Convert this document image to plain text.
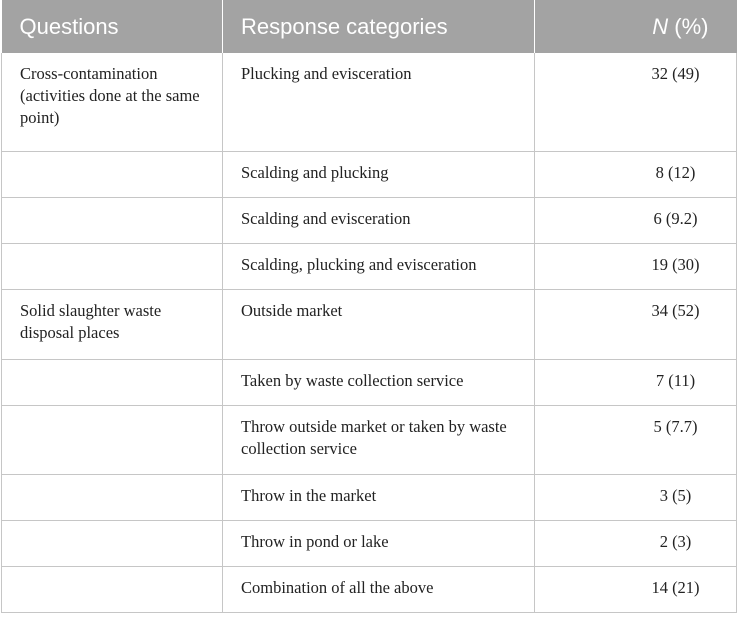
Questions	Response categories	N (%)
Cross-contamination (activities done at the same point)	Plucking and evisceration	32 (49)
	Scalding and plucking	8 (12)
	Scalding and evisceration	6 (9.2)
	Scalding, plucking and evisceration	19 (30)
Solid slaughter waste disposal places	Outside market	34 (52)
	Taken by waste collection service	7 (11)
	Throw outside market or taken by waste collection service	5 (7.7)
	Throw in the market	3 (5)
	Throw in pond or lake	2 (3)
	Combination of all the above	14 (21)
